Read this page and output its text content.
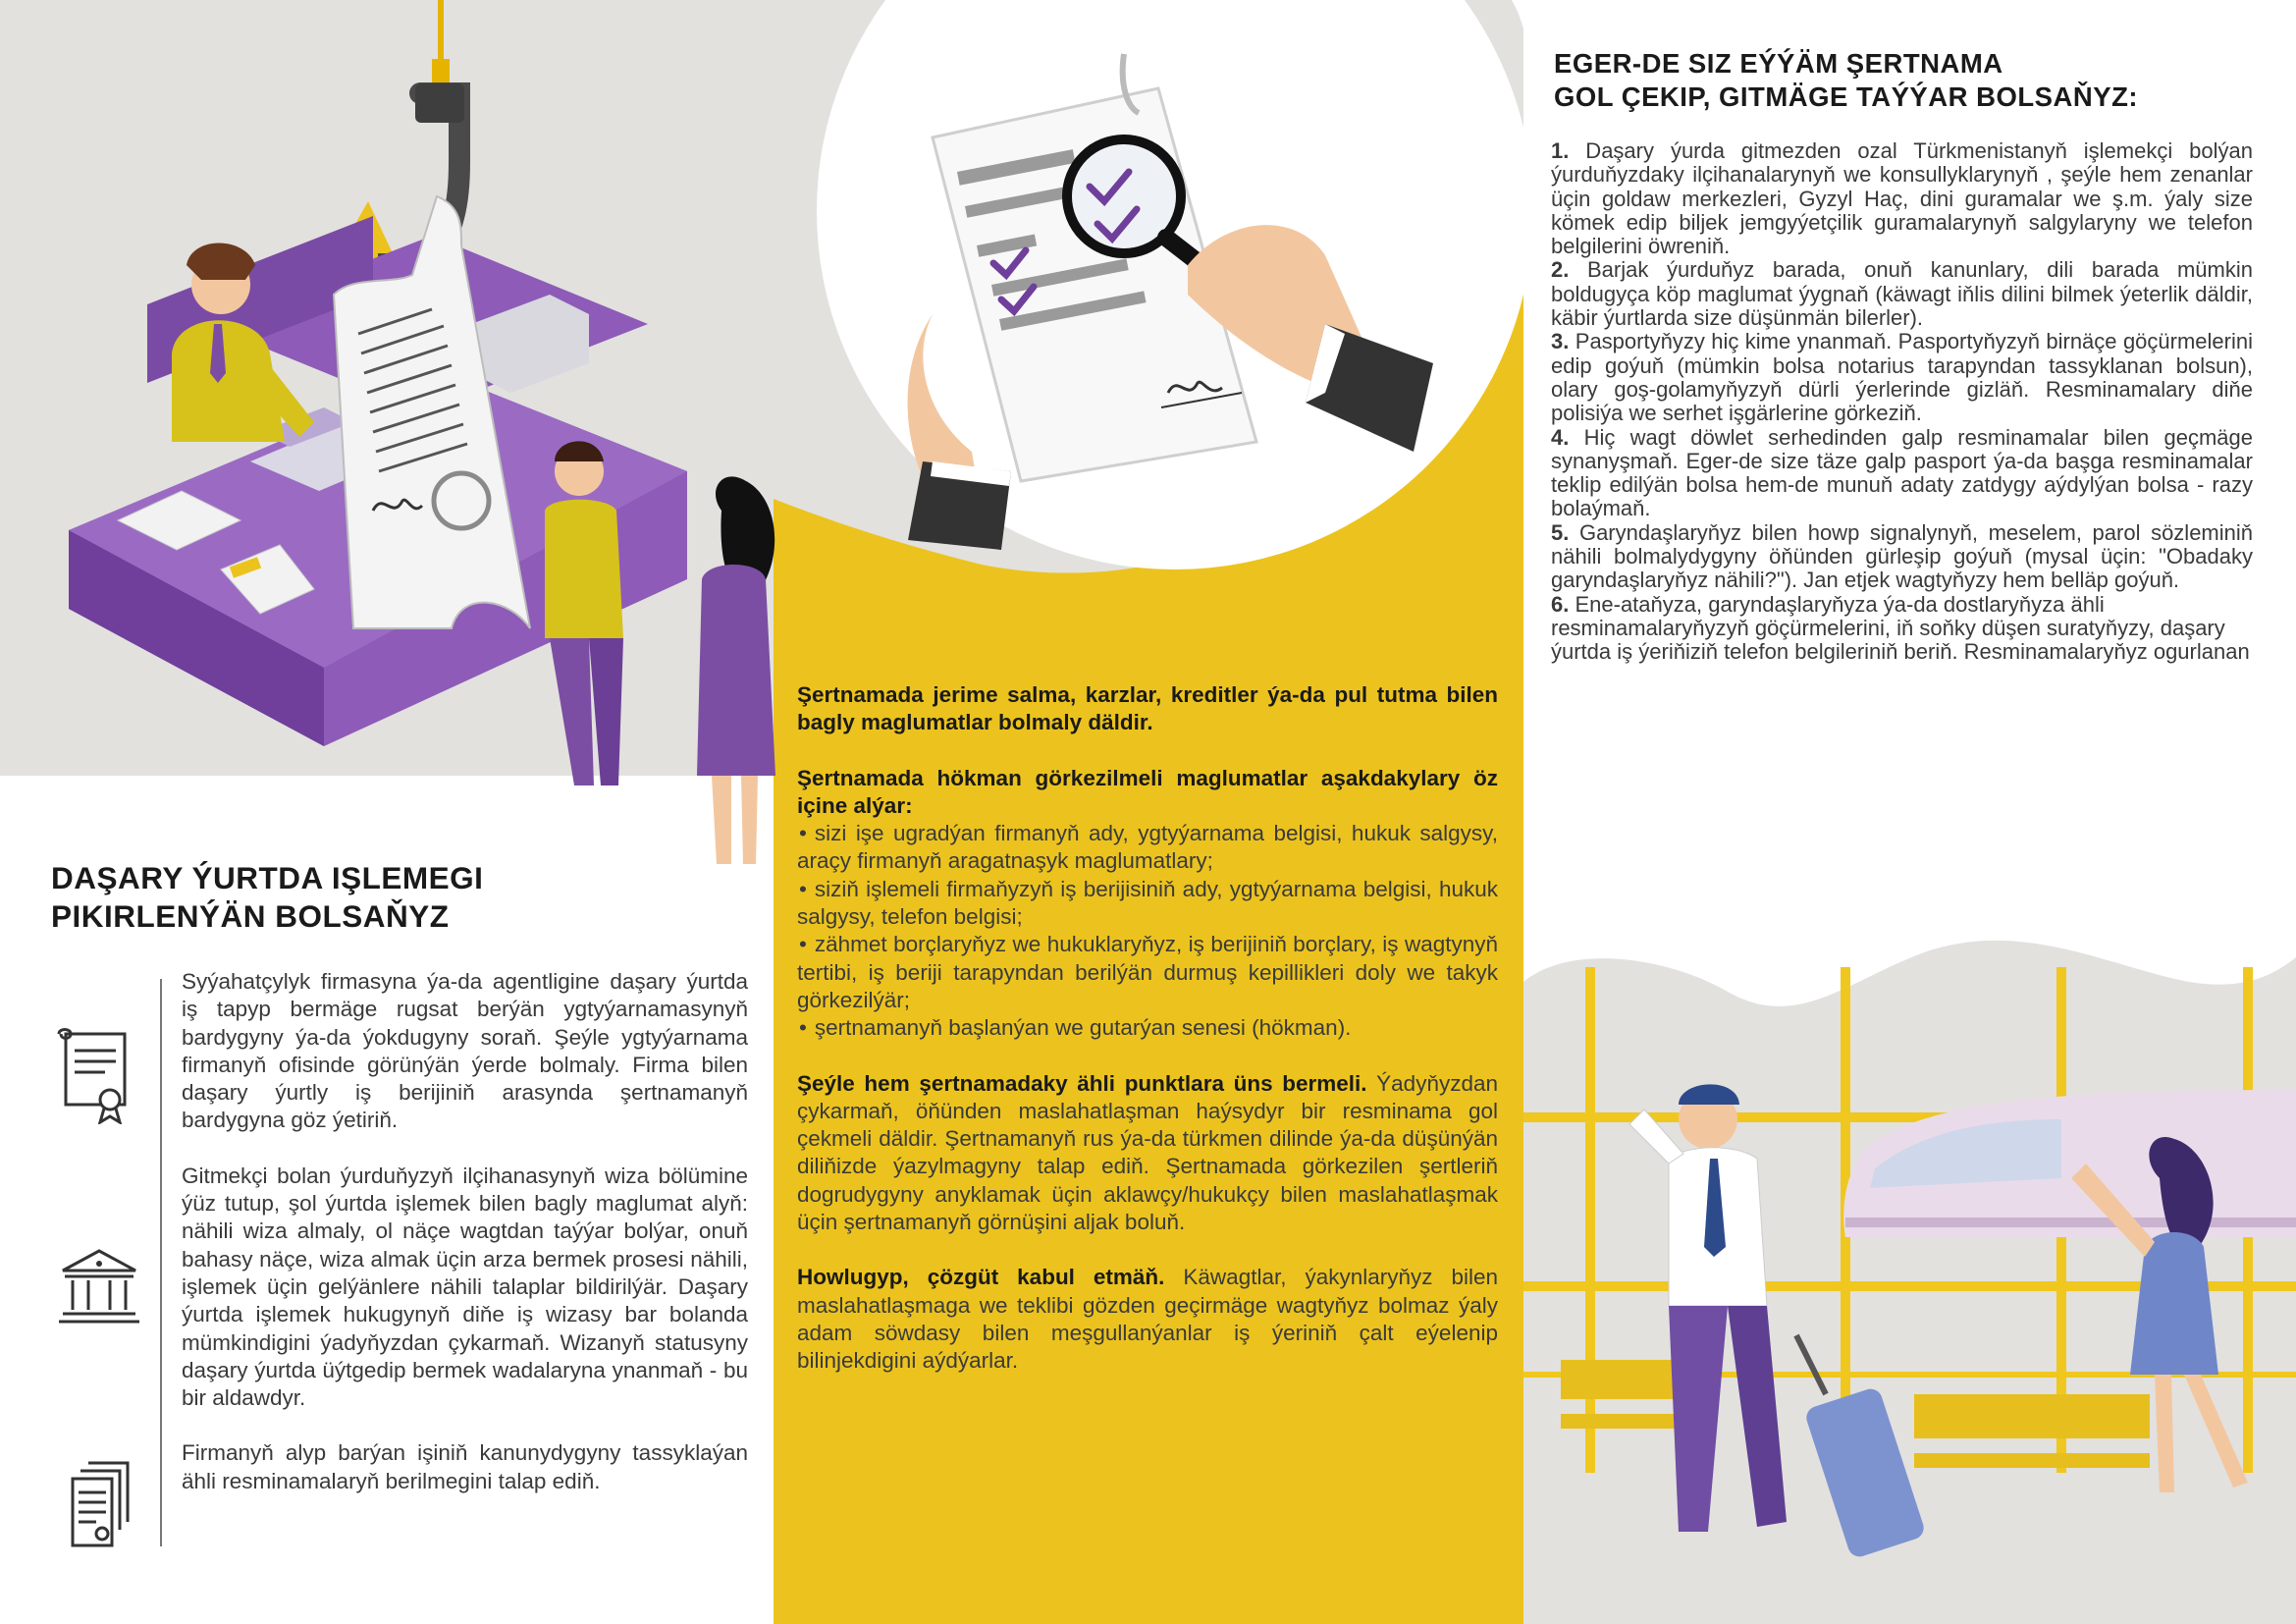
DAŞARY ÝURTDA IŞLEMEGI
PIKIRLENÝÄN BOLSAŇYZ

Syýahatçylyk firmasyna ýa-da agentligine daşary ýurtda iş tapyp bermäge rugsat berýän ygtyýarnamasynyň bardygyny ýa-da ýokdugyny soraň. Şeýle ygtyýarnama firmanyň ofisinde görünýän ýerde bolmaly. Firma bilen daşary ýurtly iş berijiniň arasynda şertnamanyň bardygyna göz ýetiriň.

Gitmekçi bolan ýurduňyzyň ilçihanasynyň wiza bölümine ýüz tutup, şol ýurtda işlemek bilen bagly maglumat alyň: nähili wiza almaly, ol näçe wagtdan taýýar bolýar, onuň bahasy näçe, wiza almak üçin arza bermek prosesi nähili, işlemek üçin gelýänlere nähili talaplar bildirilýär. Daşary ýurtda işlemek hukugynyň diňe iş wizasy bar bolanda mümkindigini ýadyňyzdan çykarmaň. Wizanyň statusyny daşary ýurtda üýtgedip bermek wadalaryna ynanmaň - bu bir aldawdyr.

Firmanyň alyp barýan işiniň kanunydygyny tassyklaýan ähli resminamalaryň berilmegini talap ediň.

Şertnamada jerime salma, karzlar, kreditler ýa-da pul tutma bilen bagly maglumatlar bolmaly däldir.

Şertnamada hökman görkezilmeli maglumatlar aşakdakylary öz içine alýar:

• sizi işe ugradýan firmanyň ady, ygtyýarnama belgisi, hukuk salgysy, araçy firmanyň aragatnaşyk maglumatlary;
• siziň işlemeli firmaňyzyň iş berijisiniň ady, ygtyýarnama belgisi, hukuk salgysy, telefon belgisi;
• zähmet borçlaryňyz we hukuklaryňyz, iş berijiniň borçlary, iş wagtynyň tertibi, iş beriji tarapyndan berilýän durmuş kepillikleri doly we takyk görkezilýär;
• şertnamanyň başlanýan we gutarýan senesi (hökman).

Şeýle hem şertnamadaky ähli punktlara üns bermeli. Ýadyňyzdan çykarmaň, öňünden maslahatlaşman haýsydyr bir resminama gol çekmeli däldir. Şertnamanyň rus ýa-da türkmen dilinde ýa-da düşünýän diliňizde ýazylmagyny talap ediň. Şertnamada görkezilen şertleriň dogrudygyny anyklamak üçin aklawçy/hukukçy bilen maslahatlaşmak üçin şertnamanyň görnüşini aljak boluň.

Howlugyp, çözgüt kabul etmäň. Käwagtlar, ýakynlaryňyz bilen maslahatlaşmaga we teklibi gözden geçirmäge wagtyňyz bolmaz ýaly adam söwdasy bilen meşgullanýanlar iş ýeriniň çalt eýelenip bilinjekdigini aýdýarlar.

EGER-DE SIZ EÝÝÄM ŞERTNAMA
GOL ÇEKIP, GITMÄGE TAÝÝAR BOLSAŇYZ:

1. Daşary ýurda gitmezden ozal Türkmenistanyň işlemekçi bolýan ýurduňyzdaky ilçihanalarynyň we konsullyklarynyň , şeýle hem zenanlar üçin goldaw merkezleri, Gyzyl Haç, dini guramalar we ş.m. ýaly size kömek edip biljek jemgyýetçilik guramalarynyň salgylaryny we telefon belgilerini öwreniň.

2. Barjak ýurduňyz barada, onuň kanunlary, dili barada mümkin boldugyça köp maglumat ýygnaň (käwagt iňlis dilini bilmek ýeterlik däldir, käbir ýurtlarda size düşünmän bilerler).

3. Pasportyňyzy hiç kime ynanmaň. Pasportyňyzyň birnäçe göçürmelerini edip goýuň (mümkin bolsa notarius tarapyndan tassyklanan bolsun), olary goş-golamyňyzyň dürli ýerlerinde gizläň. Resminamalary diňe polisiýa we serhet işgärlerine görkeziň.

4. Hiç wagt döwlet serhedinden galp resminamalar bilen geçmäge synanyşmaň. Eger-de size täze galp pasport ýa-da başga resminamalar teklip edilýän bolsa hem-de munuň adaty zatdygy aýdylýan bolsa - razy bolaýmaň.

5. Garyndaşlaryňyz bilen howp signalynyň, meselem, parol sözleminiň nähili bolmalydygyny öňünden gürleşip goýuň (mysal üçin: "Obadaky garyndaşlaryňyz nähili?"). Jan etjek wagtyňyzy hem belläp goýuň.

6. Ene-ataňyza, garyndaşlaryňyza ýa-da dostlaryňyza ähli resminamalaryňyzyň göçürmelerini, iň soňky düşen suratyňyzy, daşary ýurtda iş ýeriňiziň telefon belgileriniň beriň. Resminamalaryňyz ogurlanan
